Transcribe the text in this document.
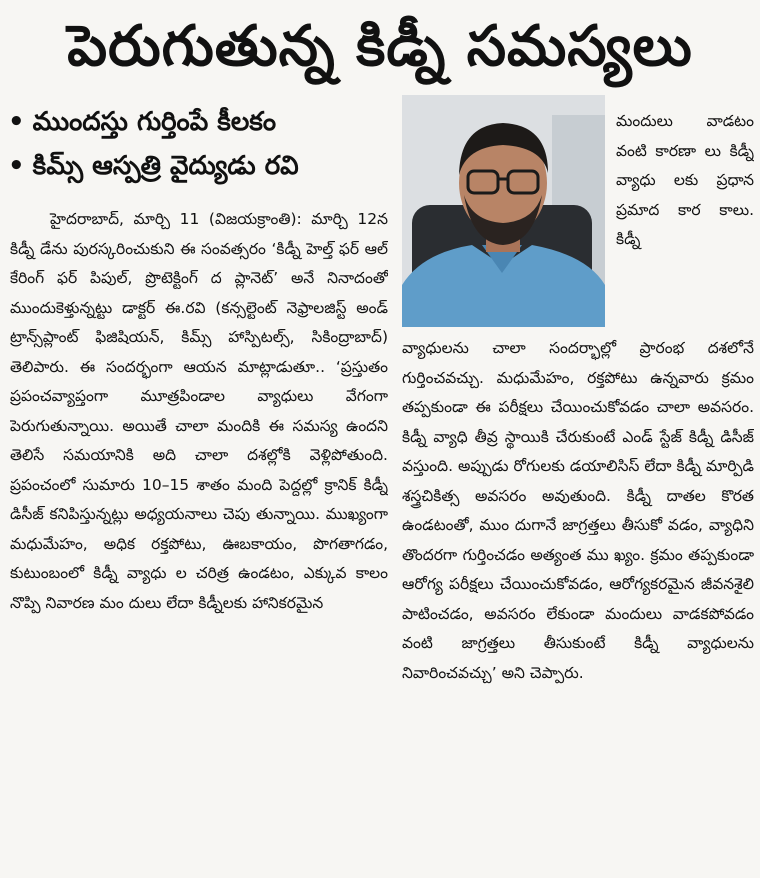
పెరుగుతున్న కిడ్నీ సమస్యలు
• ముందస్తు గుర్తింపే కీలకం
• కిమ్స్ ఆస్పత్రి వైద్యుడు రవి

హైదరాబాద్, మార్చి 11 (విజయక్రాంతి): మార్చి 12న కిడ్నీ డేను పురస్కరించుకుని ఈ సంవత్సరం ‘కిడ్నీ హెల్త్ ఫర్ ఆల్ కేరింగ్ ఫర్ పిపుల్, ప్రొటెక్టింగ్ ద ప్లానెట్’ అనే నినాదంతో ముందుకెళ్తున్నట్టు డాక్టర్ ఈ.రవి (కన్సల్టెంట్ నెఫ్రాలజిస్ట్ అండ్ ట్రాన్స్‌ప్లాంట్ ఫిజిషియన్, కిమ్స్ హాస్పిటల్స్, సికింద్రాబాద్) తెలిపారు. ఈ సందర్భంగా ఆయన మాట్లాడుతూ.. ‘ప్రస్తుతం ప్రపంచవ్యాప్తంగా మూత్రపిండాల వ్యాధులు వేగంగా పెరుగుతున్నాయి. అయితే చాలా మందికి ఈ సమస్య ఉందని తెలిసే సమయానికి అది చాలా దశల్లోకి వెళ్లిపోతుంది. ప్రపంచంలో సుమారు 10–15 శాతం మంది పెద్దల్లో క్రానిక్ కిడ్నీ డిసీజ్ కనిపిస్తున్నట్లు అధ్యయనాలు చెపు తున్నాయి. ముఖ్యంగా మధుమేహం, అధిక రక్తపోటు, ఊబకాయం, పొగతాగడం, కుటుంబంలో కిడ్నీ వ్యాధు ల చరిత్ర ఉండటం, ఎక్కువ కాలం నొప్పి నివారణ మం దులు లేదా కిడ్నీలకు హానికరమైన

మందులు వాడటం వంటి కారణా లు కిడ్నీ వ్యాధు లకు ప్రధాన ప్రమాద కార కాలు. కిడ్నీ

వ్యాధులను చాలా సందర్భాల్లో ప్రారంభ దశలోనే గుర్తించవచ్చు. మధుమేహం, రక్తపోటు ఉన్నవారు క్రమం తప్పకుండా ఈ పరీక్షలు చేయించుకోవడం చాలా అవసరం. కిడ్నీ వ్యాధి తీవ్ర స్థాయికి చేరుకుంటే ఎండ్ స్టేజ్ కిడ్నీ డిసీజ్ వస్తుంది. అప్పుడు రోగులకు డయాలిసిస్ లేదా కిడ్నీ మార్పిడి శస్త్రచికిత్స అవసరం అవుతుంది. కిడ్నీ దాతల కొరత ఉండటంతో, ముం దుగానే జాగ్రత్తలు తీసుకో వడం, వ్యాధిని తొందరగా గుర్తించడం అత్యంత ము ఖ్యం. క్రమం తప్పకుండా ఆరోగ్య పరీక్షలు చేయించుకోవడం, ఆరోగ్యకరమైన జీవనశైలి పాటించడం, అవసరం లేకుండా మందులు వాడకపోవడం వంటి జాగ్రత్తలు తీసుకుంటే కిడ్నీ వ్యాధులను నివారించవచ్చు’ అని చెప్పారు.
